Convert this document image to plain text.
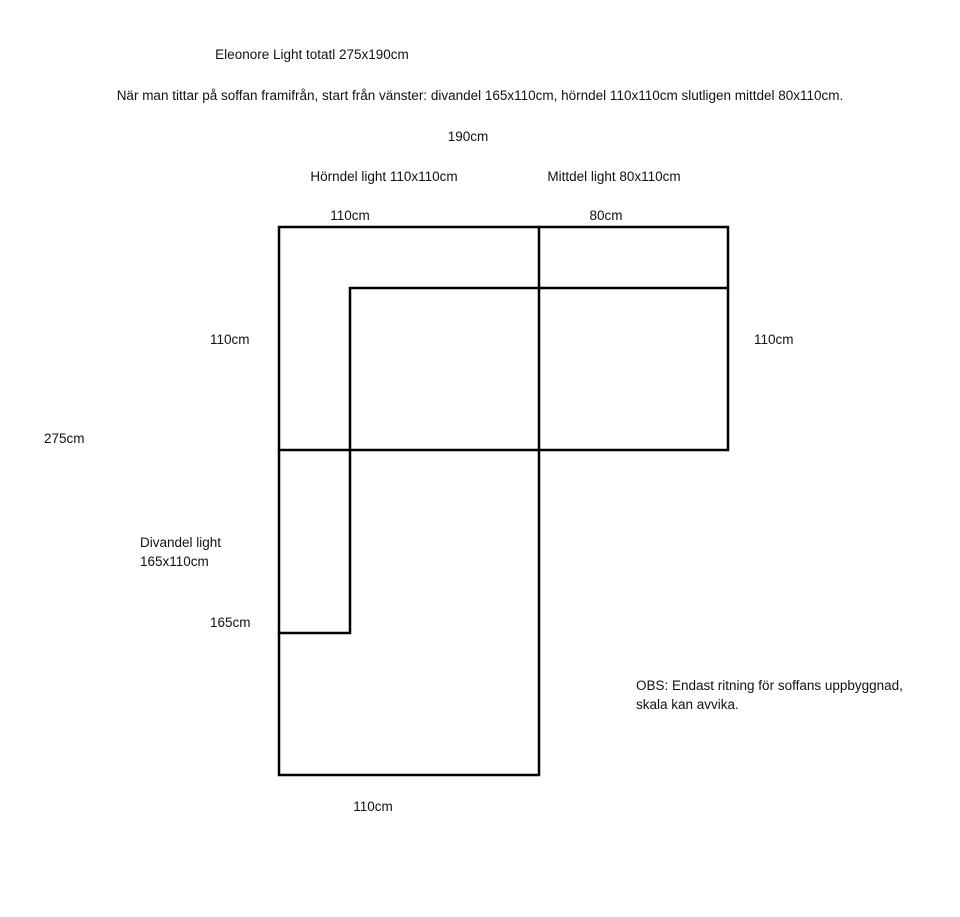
Eleonore Light totatl 275x190cm
När man tittar på soffan framifrån, start från vänster: divandel 165x110cm, hörndel 110x110cm slutligen mittdel 80x110cm.
190cm
Hörndel light 110x110cm	Mittdel light 80x110cm
110cm	80cm
110cm	110cm
275cm
Divandel light
165x110cm
165cm
OBS: Endast ritning för soffans uppbyggnad,
skala kan avvika.
110cm
